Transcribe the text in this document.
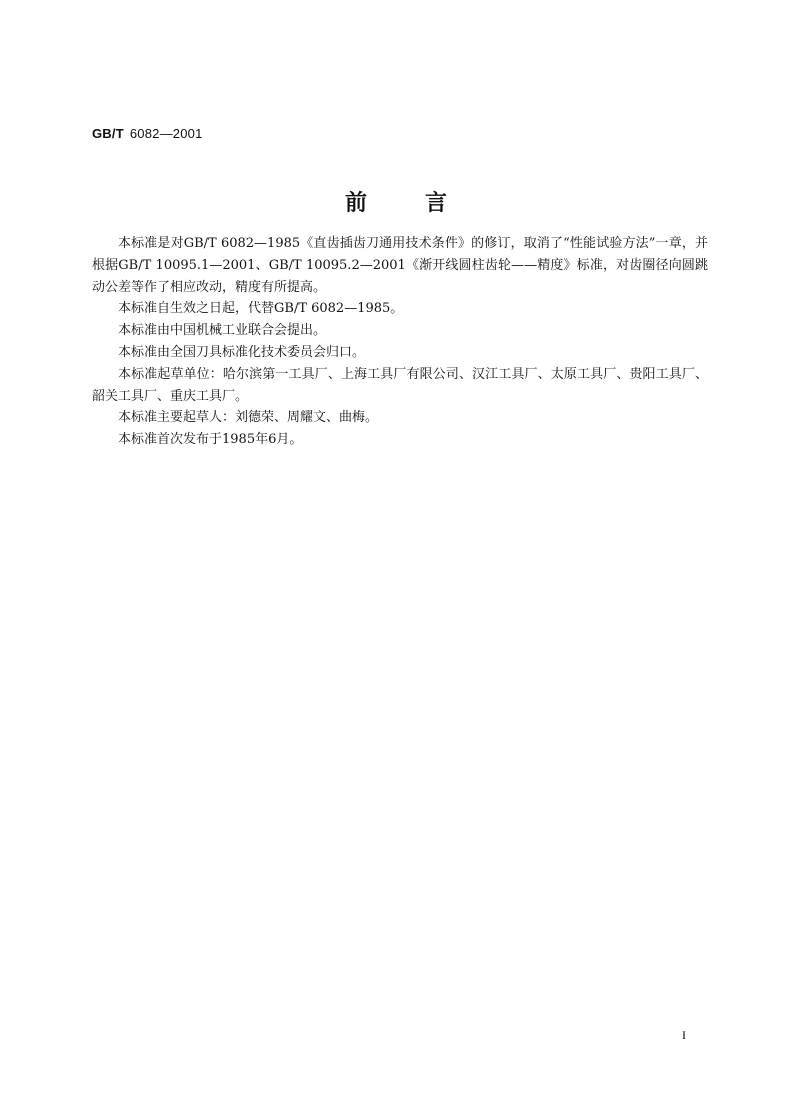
GB/T 6082—2001
前言

本标准是对GB/T 6082—1985《直齿插齿刀通用技术条件》的修订，取消了“性能试验方法”一章，并根据GB/T 10095.1—2001、GB/T 10095.2—2001《渐开线圆柱齿轮——精度》标准，对齿圈径向圆跳动公差等作了相应改动，精度有所提高。

本标准自生效之日起，代替GB/T 6082—1985。

本标准由中国机械工业联合会提出。

本标准由全国刀具标准化技术委员会归口。

本标准起草单位：哈尔滨第一工具厂、上海工具厂有限公司、汉江工具厂、太原工具厂、贵阳工具厂、韶关工具厂、重庆工具厂。

本标准主要起草人：刘德荣、周耀文、曲梅。

本标准首次发布于1985年6月。

I
